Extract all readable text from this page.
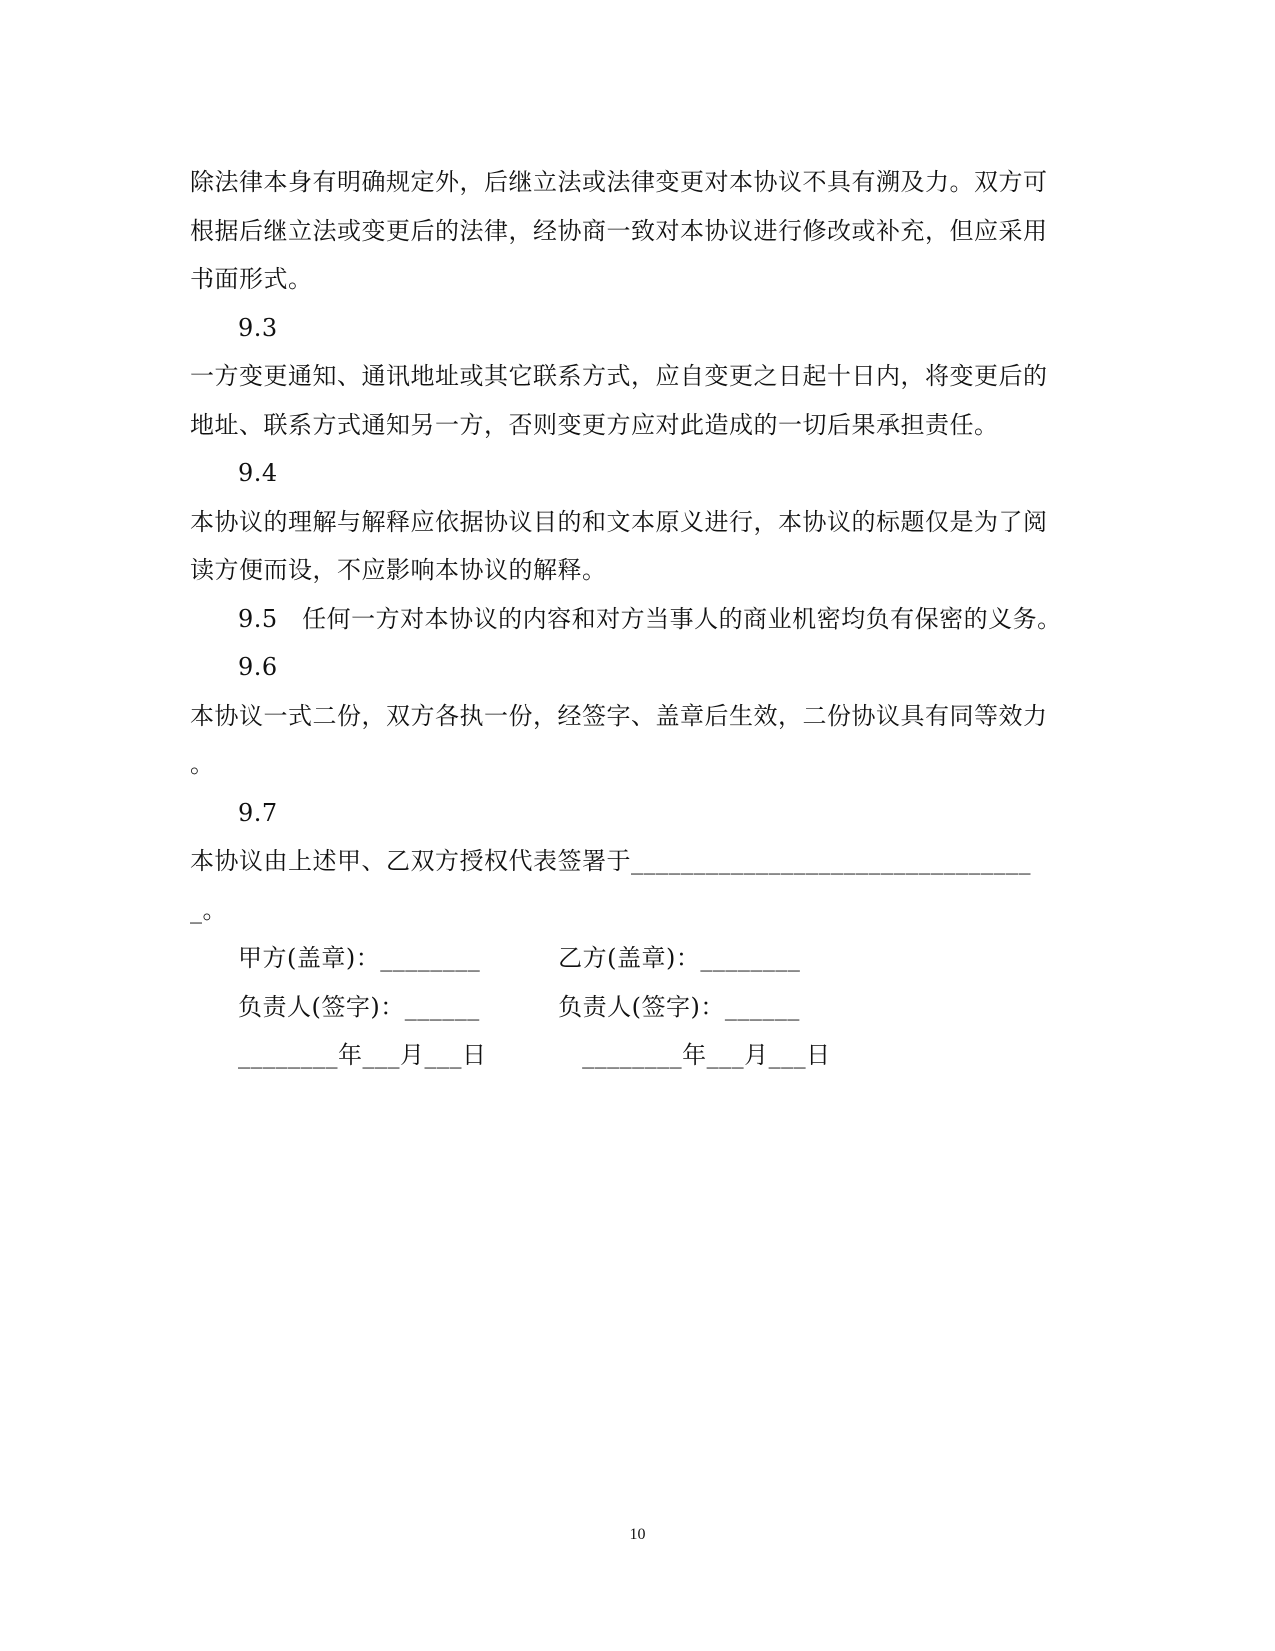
除法律本身有明确规定外，后继立法或法律变更对本协议不具有溯及力。双方可
根据后继立法或变更后的法律，经协商一致对本协议进行修改或补充，但应采用
书面形式。
9.3
一方变更通知、通讯地址或其它联系方式，应自变更之日起十日内，将变更后的
地址、联系方式通知另一方，否则变更方应对此造成的一切后果承担责任。
9.4
本协议的理解与解释应依据协议目的和文本原义进行，本协议的标题仅是为了阅
读方便而设，不应影响本协议的解释。
9.5　任何一方对本协议的内容和对方当事人的商业机密均负有保密的义务。
9.6
本协议一式二份，双方各执一份，经签字、盖章后生效，二份协议具有同等效力
。
9.7
本协议由上述甲、乙双方授权代表签署于________________________________
_。
甲方(盖章)：________	乙方(盖章)：________
负责人(签字)：______	负责人(签字)：______
________年___月___日	________年___月___日
10
